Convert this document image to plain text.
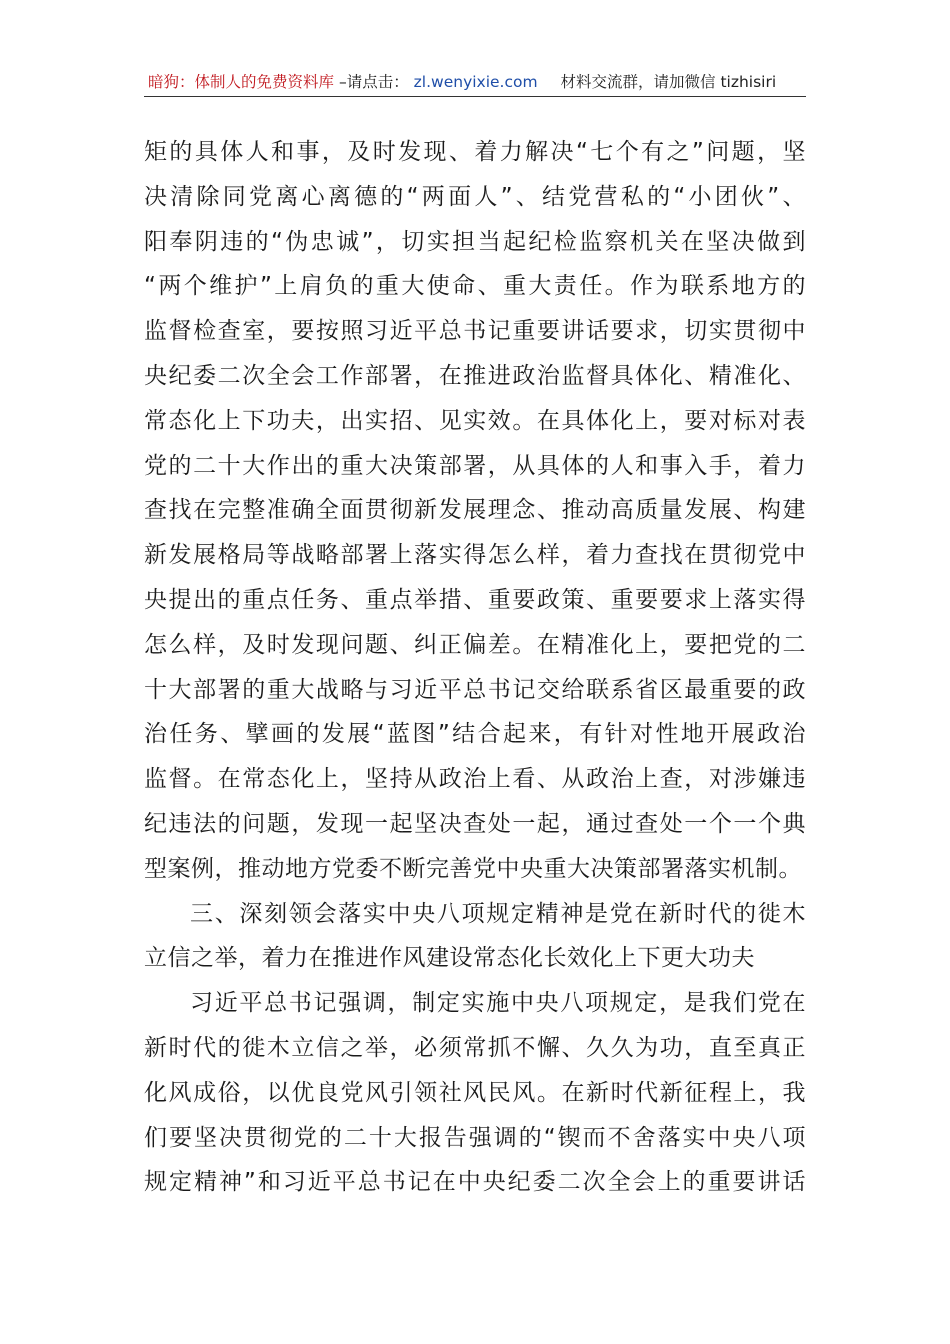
暗狗：体制人的免费资料库 –请点击： zl.wenyixie.com 材料交流群，请加微信 tizhisiri
矩的具体人和事，及时发现、着力解决“七个有之”问题，坚
决清除同党离心离德的“两面人”、结党营私的“小团伙”、
阳奉阴违的“伪忠诚”，切实担当起纪检监察机关在坚决做到
“两个维护”上肩负的重大使命、重大责任。作为联系地方的
监督检查室，要按照习近平总书记重要讲话要求，切实贯彻中
央纪委二次全会工作部署，在推进政治监督具体化、精准化、
常态化上下功夫，出实招、见实效。在具体化上，要对标对表
党的二十大作出的重大决策部署，从具体的人和事入手，着力
查找在完整准确全面贯彻新发展理念、推动高质量发展、构建
新发展格局等战略部署上落实得怎么样，着力查找在贯彻党中
央提出的重点任务、重点举措、重要政策、重要要求上落实得
怎么样，及时发现问题、纠正偏差。在精准化上，要把党的二
十大部署的重大战略与习近平总书记交给联系省区最重要的政
治任务、擘画的发展“蓝图”结合起来，有针对性地开展政治
监督。在常态化上，坚持从政治上看、从政治上查，对涉嫌违
纪违法的问题，发现一起坚决查处一起，通过查处一个一个典
型案例，推动地方党委不断完善党中央重大决策部署落实机制。
三、深刻领会落实中央八项规定精神是党在新时代的徙木
立信之举，着力在推进作风建设常态化长效化上下更大功夫
习近平总书记强调，制定实施中央八项规定，是我们党在
新时代的徙木立信之举，必须常抓不懈、久久为功，直至真正
化风成俗，以优良党风引领社风民风。在新时代新征程上，我
们要坚决贯彻党的二十大报告强调的“锲而不舍落实中央八项
规定精神”和习近平总书记在中央纪委二次全会上的重要讲话
